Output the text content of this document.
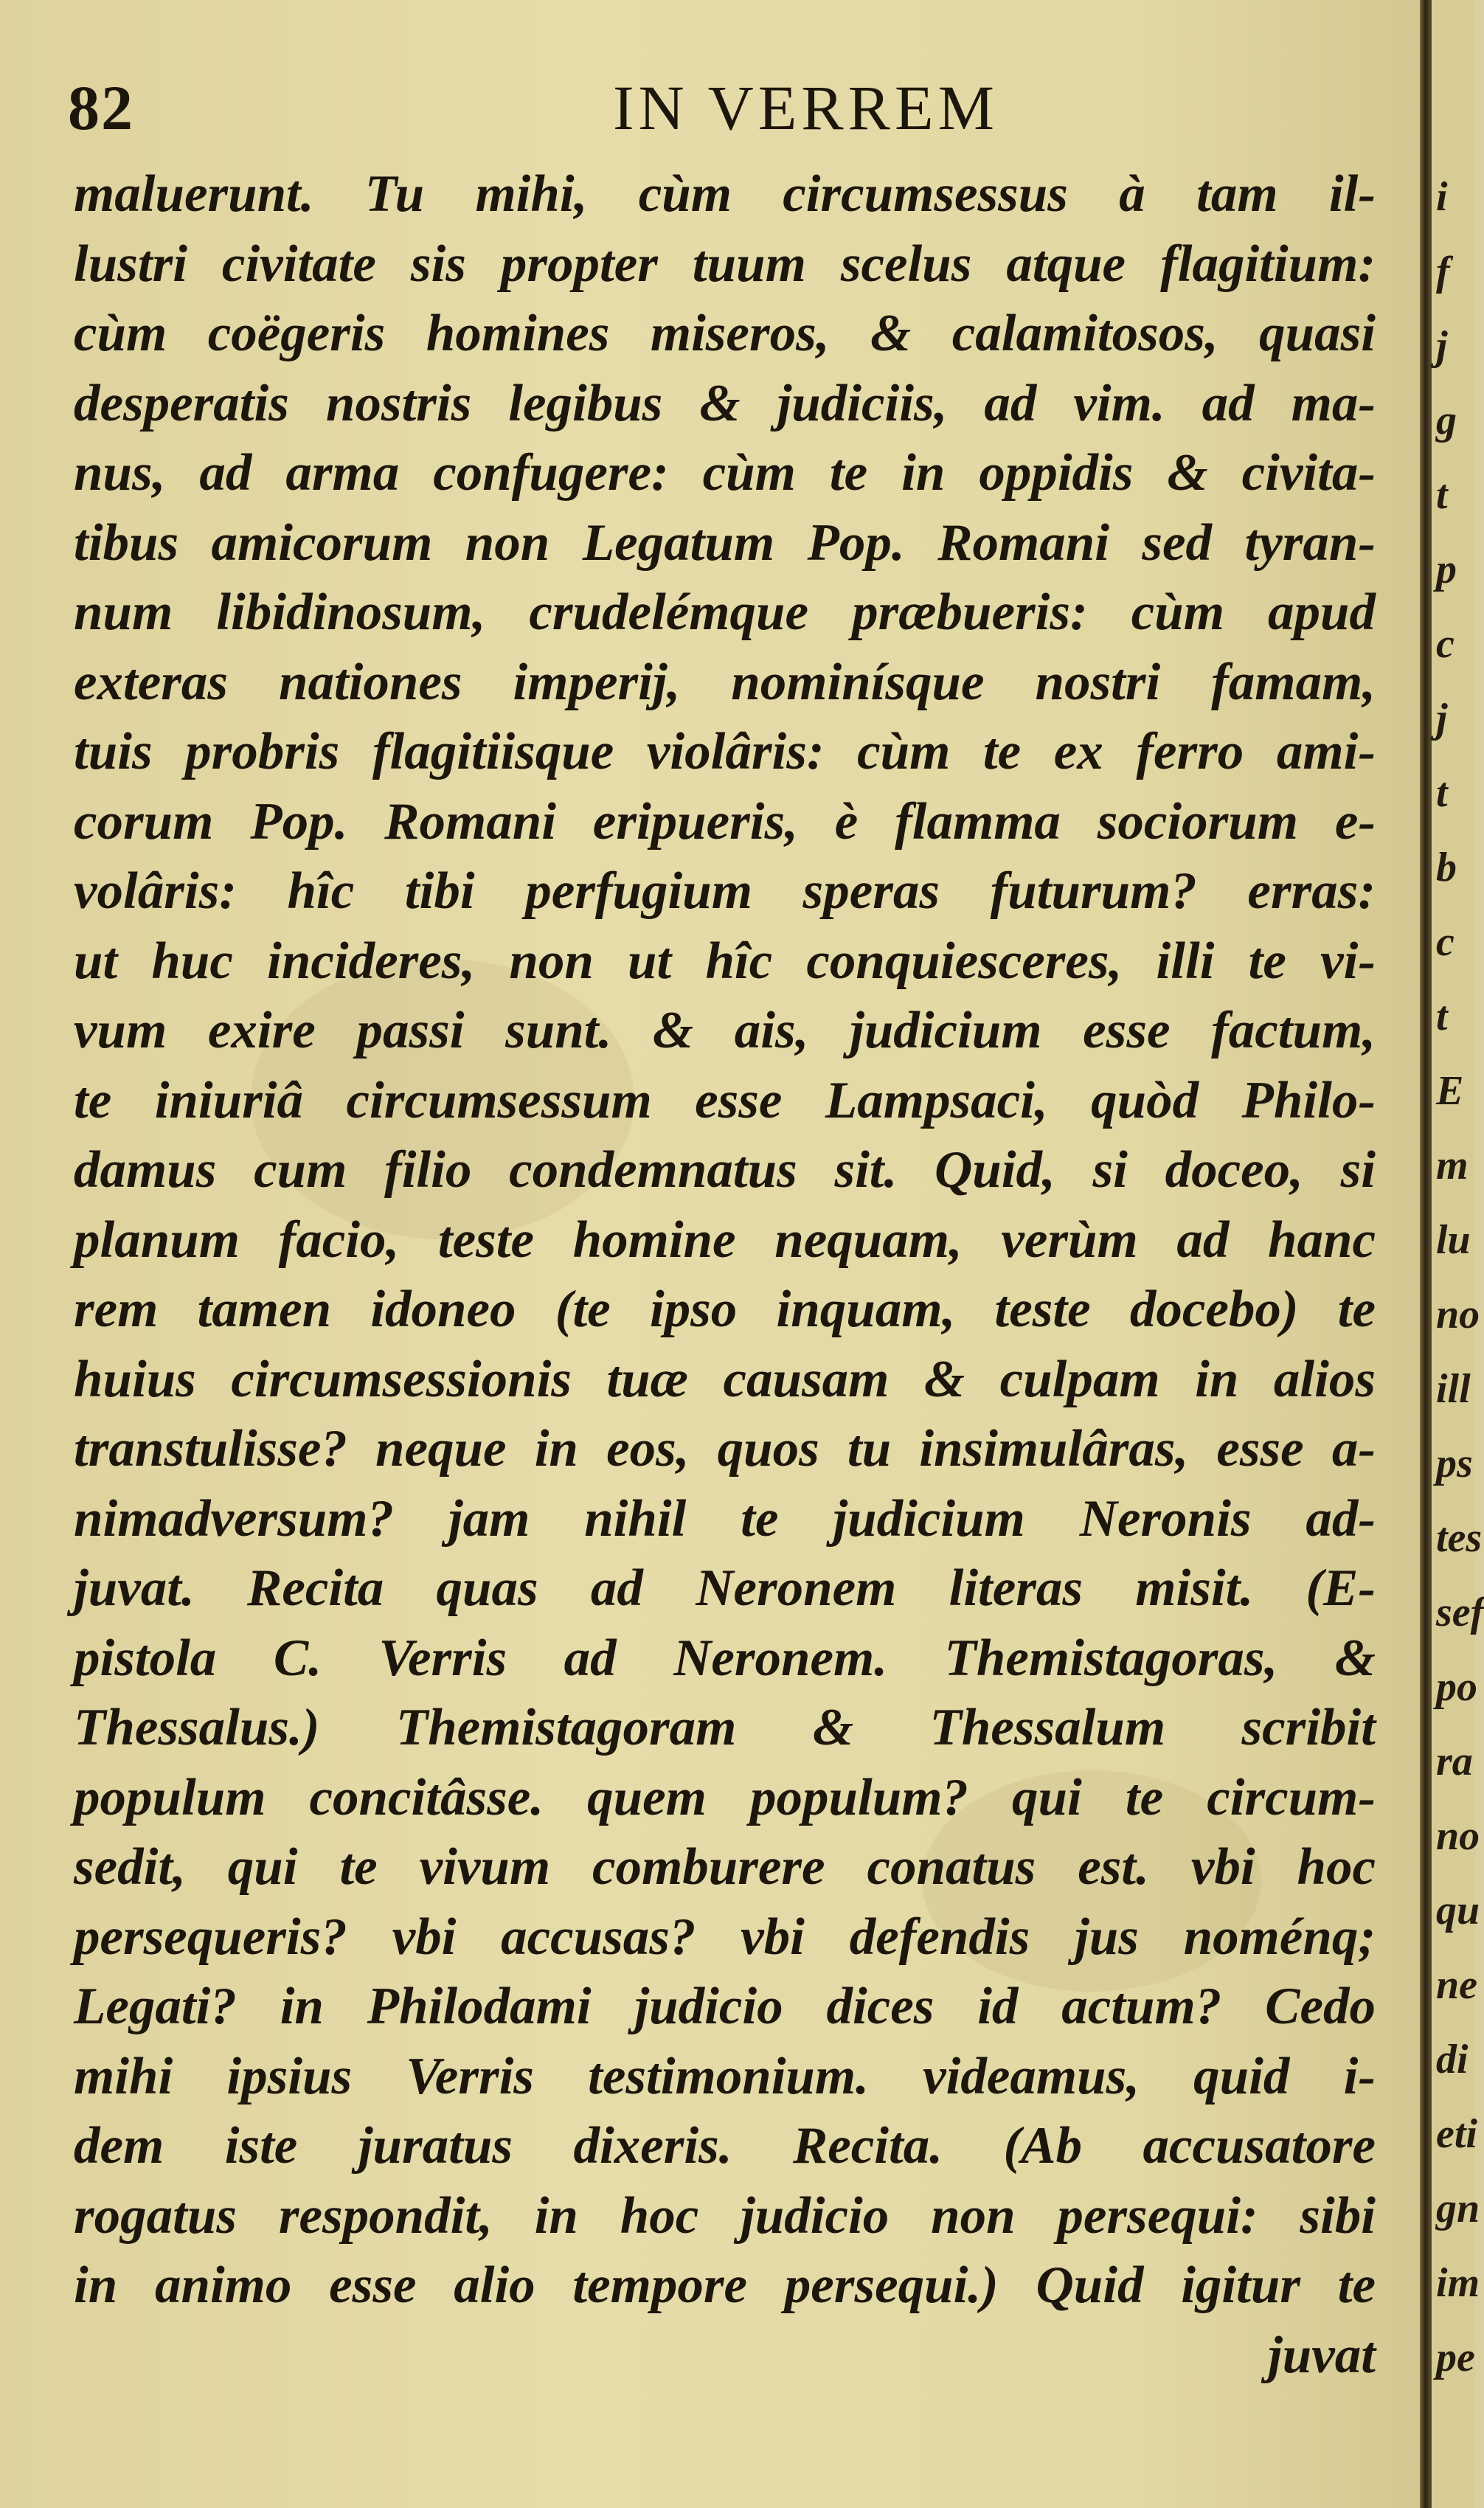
82	IN VERREM
maluerunt. Tu mihi, cùm circumsessus à tam il-
lustri civitate sis propter tuum scelus atque flagitium:
cùm coëgeris homines miseros, & calamitosos, quasi
desperatis nostris legibus & judiciis, ad vim. ad ma-
nus, ad arma confugere: cùm te in oppidis & civita-
tibus amicorum non Legatum Pop. Romani sed tyran-
num libidinosum, crudelémque præbueris: cùm apud
exteras nationes imperij, nominísque nostri famam,
tuis probris flagitiisque violâris: cùm te ex ferro ami-
corum Pop. Romani eripueris, è flamma sociorum e-
volâris: hîc tibi perfugium speras futurum? erras:
ut huc incideres, non ut hîc conquiesceres, illi te vi-
vum exire passi sunt. & ais, judicium esse factum,
te iniuriâ circumsessum esse Lampsaci, quòd Philo-
damus cum filio condemnatus sit. Quid, si doceo, si
planum facio, teste homine nequam, verùm ad hanc
rem tamen idoneo (te ipso inquam, teste docebo) te
huius circumsessionis tuæ causam & culpam in alios
transtulisse? neque in eos, quos tu insimulâras, esse a-
nimadversum? jam nihil te judicium Neronis ad-
juvat. Recita quas ad Neronem literas misit. (E-
pistola C. Verris ad Neronem. Themistagoras, &
Thessalus.) Themistagoram & Thessalum scribit
populum concitâsse. quem populum? qui te circum-
sedit, qui te vivum comburere conatus est. vbi hoc
persequeris? vbi accusas? vbi defendis jus noménq;
Legati? in Philodami judicio dices id actum? Cedo
mihi ipsius Verris testimonium. videamus, quid i-
dem iste juratus dixeris. Recita. (Ab accusatore
rogatus respondit, in hoc judicio non persequi: sibi
in animo esse alio tempore persequi.) Quid igitur te
juvat
i
f
j
g
t
p
c
j
t
b
c
t
E
m
lu
no
ill
ps
tes
sef
po
ra
no
qu
ne
di
eti
gn
im
pe
